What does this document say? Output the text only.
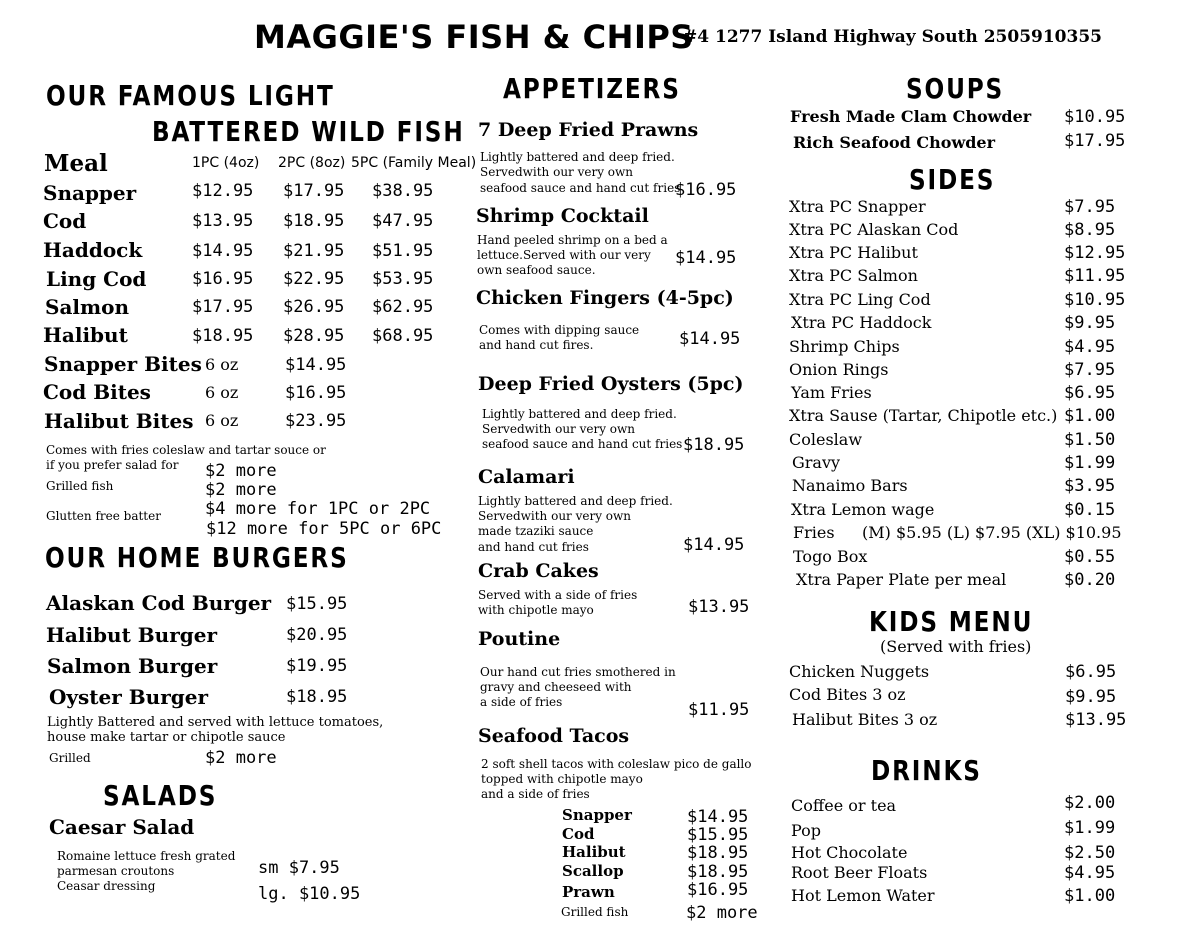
MAGGIE'S FISH & CHIPS
#4 1277 Island Highway South 2505910355
OUR FAMOUS LIGHT
BATTERED WILD FISH
Meal	1PC (4oz) 2PC (8oz) 5PC (Family Meal)
Snapper	$12.95 $17.95 $38.95
Cod	$13.95 $18.95 $47.95
Haddock	$14.95 $21.95 $51.95
Ling Cod	$16.95 $22.95 $53.95
Salmon	$17.95 $26.95 $62.95
Halibut	$18.95 $28.95 $68.95
Snapper Bites 6 oz	$14.95
Cod Bites	6 oz	$16.95
Halibut Bites 6 oz	$23.95
Comes with fries coleslaw and tartar souce or
if you prefer salad for $2 more
Grilled fish	$2 more
Glutten free batter	$4 more for 1PC or 2PC
$12 more for 5PC or 6PC
OUR HOME BURGERS
Alaskan Cod Burger $15.95
Halibut Burger	$20.95
Salmon Burger	$19.95
Oyster Burger	$18.95
Lightly Battered and served with lettuce tomatoes,
house make tartar or chipotle sauce
Grilled	$2 more
SALADS
Caesar Salad
Romaine lettuce fresh grated
parmesan croutons
Ceasar dressing
sm $7.95
lg. $10.95
APPETIZERS
7 Deep Fried Prawns
Lightly battered and deep fried.
Servedwith our very own
seafood sauce and hand cut fries
$16.95
Shrimp Cocktail
Hand peeled shrimp on a bed a
lettuce.Served with our very
own seafood sauce.
$14.95
Chicken Fingers (4-5pc)
Comes with dipping sauce
and hand cut fires.	$14.95
Deep Fried Oysters (5pc)
Lightly battered and deep fried.
Servedwith our very own
seafood sauce and hand cut fries $18.95
Calamari
Lightly battered and deep fried.
Servedwith our very own
made tzaziki sauce
and hand cut fries	$14.95
Crab Cakes
Served with a side of fries
with chipotle mayo	$13.95
Poutine
Our hand cut fries smothered in
gravy and cheeseed with
a side of fries	$11.95
Seafood Tacos
2 soft shell tacos with coleslaw pico de gallo
topped with chipotle mayo
and a side of fries
Snapper	$14.95
Cod	$15.95
Halibut	$18.95
Scallop	$18.95
Prawn	$16.95
Grilled fish	$2 more
SOUPS
Fresh Made Clam Chowder $10.95
Rich Seafood Chowder	$17.95
SIDES
Xtra PC Snapper	$7.95
Xtra PC Alaskan Cod	$8.95
Xtra PC Halibut	$12.95
Xtra PC Salmon	$11.95
Xtra PC Ling Cod	$10.95
Xtra PC Haddock	$9.95
Shrimp Chips	$4.95
Onion Rings	$7.95
Yam Fries	$6.95
Xtra Sause (Tartar, Chipotle etc.) $1.00
Coleslaw	$1.50
Gravy	$1.99
Nanaimo Bars	$3.95
Xtra Lemon wage	$0.15
Fries (M) $5.95 (L) $7.95 (XL) $10.95
Togo Box	$0.55
Xtra Paper Plate per meal	$0.20
KIDS MENU
(Served with fries)
Chicken Nuggets	$6.95
Cod Bites 3 oz	$9.95
Halibut Bites 3 oz	$13.95
DRINKS
Coffee or tea	$2.00
Pop	$1.99
Hot Chocolate	$2.50
Root Beer Floats	$4.95
Hot Lemon Water	$1.00
